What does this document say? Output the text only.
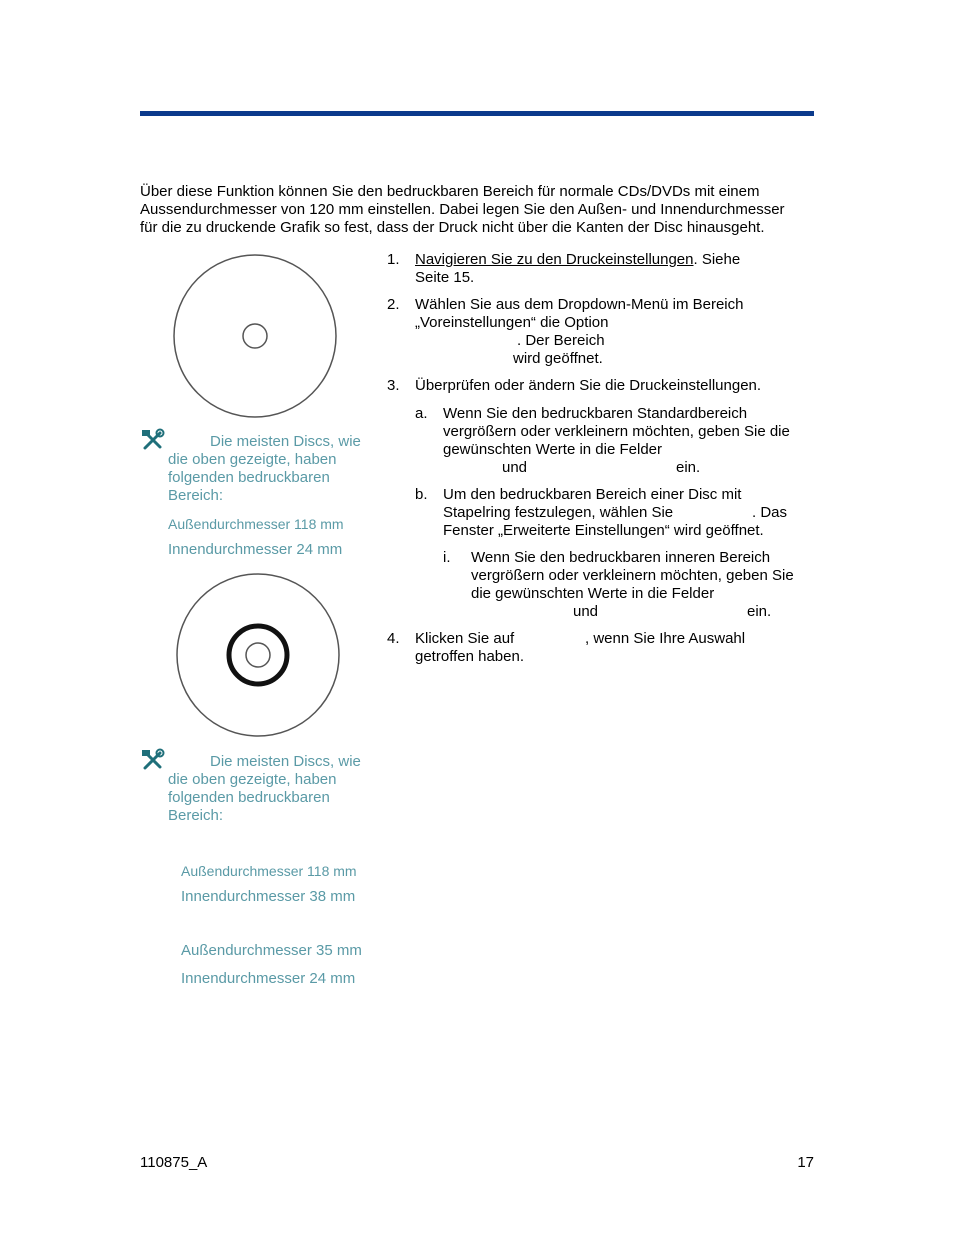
Über diese Funktion können Sie den bedruckbaren Bereich für normale CDs/DVDs mit einem
Aussendurchmesser von 120 mm einstellen. Dabei legen Sie den Außen- und Innendurchmesser
für die zu druckende Grafik so fest, dass der Druck nicht über die Kanten der Disc hinausgeht.
Die meisten Discs, wie
die oben gezeigte, haben
folgenden bedruckbaren
Bereich:
Außendurchmesser 118 mm
Innendurchmesser 24 mm
Die meisten Discs, wie
die oben gezeigte, haben
folgenden bedruckbaren
Bereich:
Außendurchmesser 118 mm
Innendurchmesser 38 mm
Außendurchmesser 35 mm
Innendurchmesser 24 mm
1. Navigieren Sie zu den Druckeinstellungen. Siehe
Seite 15.
2. Wählen Sie aus dem Dropdown-Menü im Bereich
„Voreinstellungen“ die Option
. Der Bereich
wird geöffnet.
3. Überprüfen oder ändern Sie die Druckeinstellungen.
a. Wenn Sie den bedruckbaren Standardbereich
vergrößern oder verkleinern möchten, geben Sie die
gewünschten Werte in die Felder
und	ein.
b. Um den bedruckbaren Bereich einer Disc mit
Stapelring festzulegen, wählen Sie	. Das
Fenster „Erweiterte Einstellungen“ wird geöffnet.
i. Wenn Sie den bedruckbaren inneren Bereich
vergrößern oder verkleinern möchten, geben Sie
die gewünschten Werte in die Felder
und	ein.
4. Klicken Sie auf	, wenn Sie Ihre Auswahl
getroffen haben.
110875_A	17
